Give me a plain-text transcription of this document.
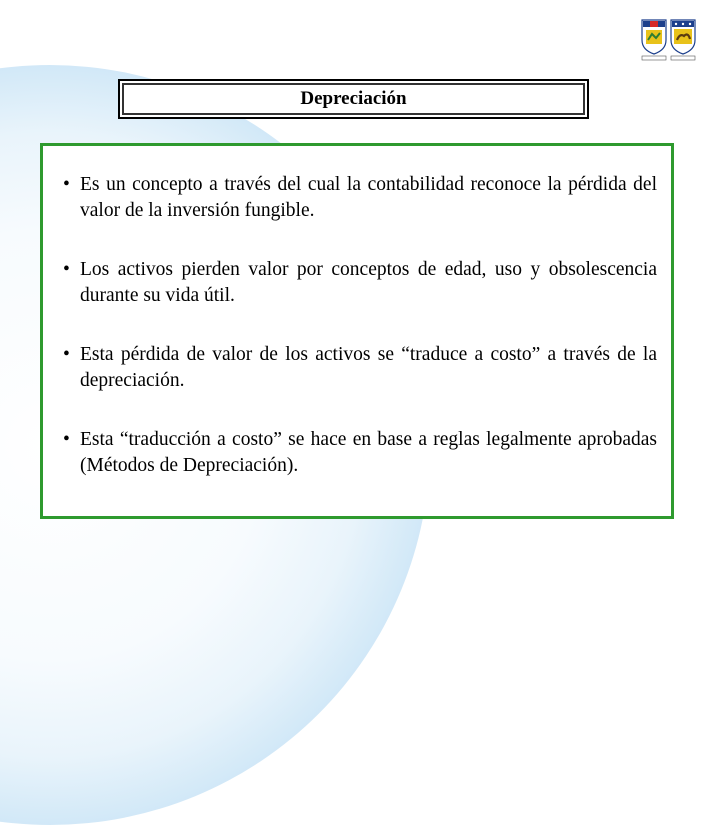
Depreciación

• Es un concepto a través del cual la contabilidad reconoce la pérdida del valor de la inversión fungible.

• Los activos pierden valor por conceptos de edad, uso y obsolescencia durante su vida útil.

• Esta pérdida de valor de los activos se “traduce a costo” a través de la depreciación.

• Esta “traducción a costo” se hace en base a reglas legalmente aprobadas (Métodos de Depreciación).
